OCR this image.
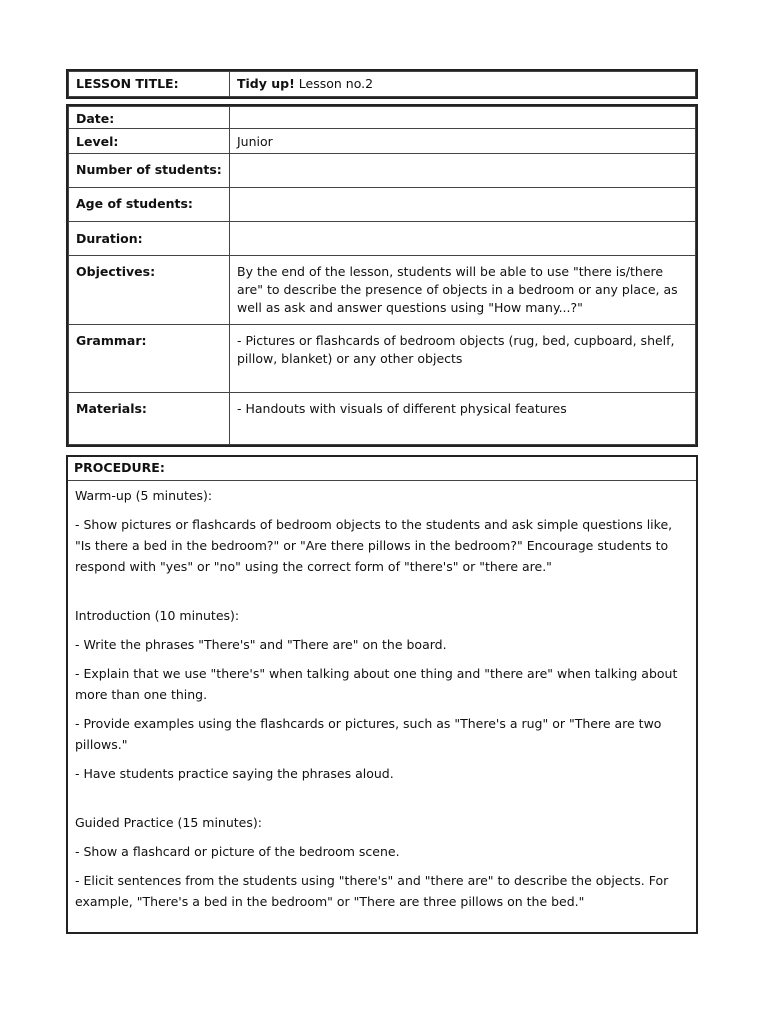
LESSON TITLE:	Tidy up! Lesson no.2
Date:	
Level:	Junior
Number of students:	
Age of students:	
Duration:	
Objectives:	By the end of the lesson, students will be able to use "there is/there are" to describe the presence of objects in a bedroom or any place, as well as ask and answer questions using "How many...?"
Grammar:	- Pictures or flashcards of bedroom objects (rug, bed, cupboard, shelf, pillow, blanket) or any other objects
Materials:	- Handouts with visuals of different physical features
PROCEDURE:

Warm-up (5 minutes):

- Show pictures or flashcards of bedroom objects to the students and ask simple questions like, "Is there a bed in the bedroom?" or "Are there pillows in the bedroom?" Encourage students to respond with "yes" or "no" using the correct form of "there's" or "there are."

Introduction (10 minutes):

- Write the phrases "There's" and "There are" on the board.

- Explain that we use "there's" when talking about one thing and "there are" when talking about more than one thing.

- Provide examples using the flashcards or pictures, such as "There's a rug" or "There are two pillows."

- Have students practice saying the phrases aloud.

Guided Practice (15 minutes):

- Show a flashcard or picture of the bedroom scene.

- Elicit sentences from the students using "there's" and "there are" to describe the objects. For example, "There's a bed in the bedroom" or "There are three pillows on the bed."
